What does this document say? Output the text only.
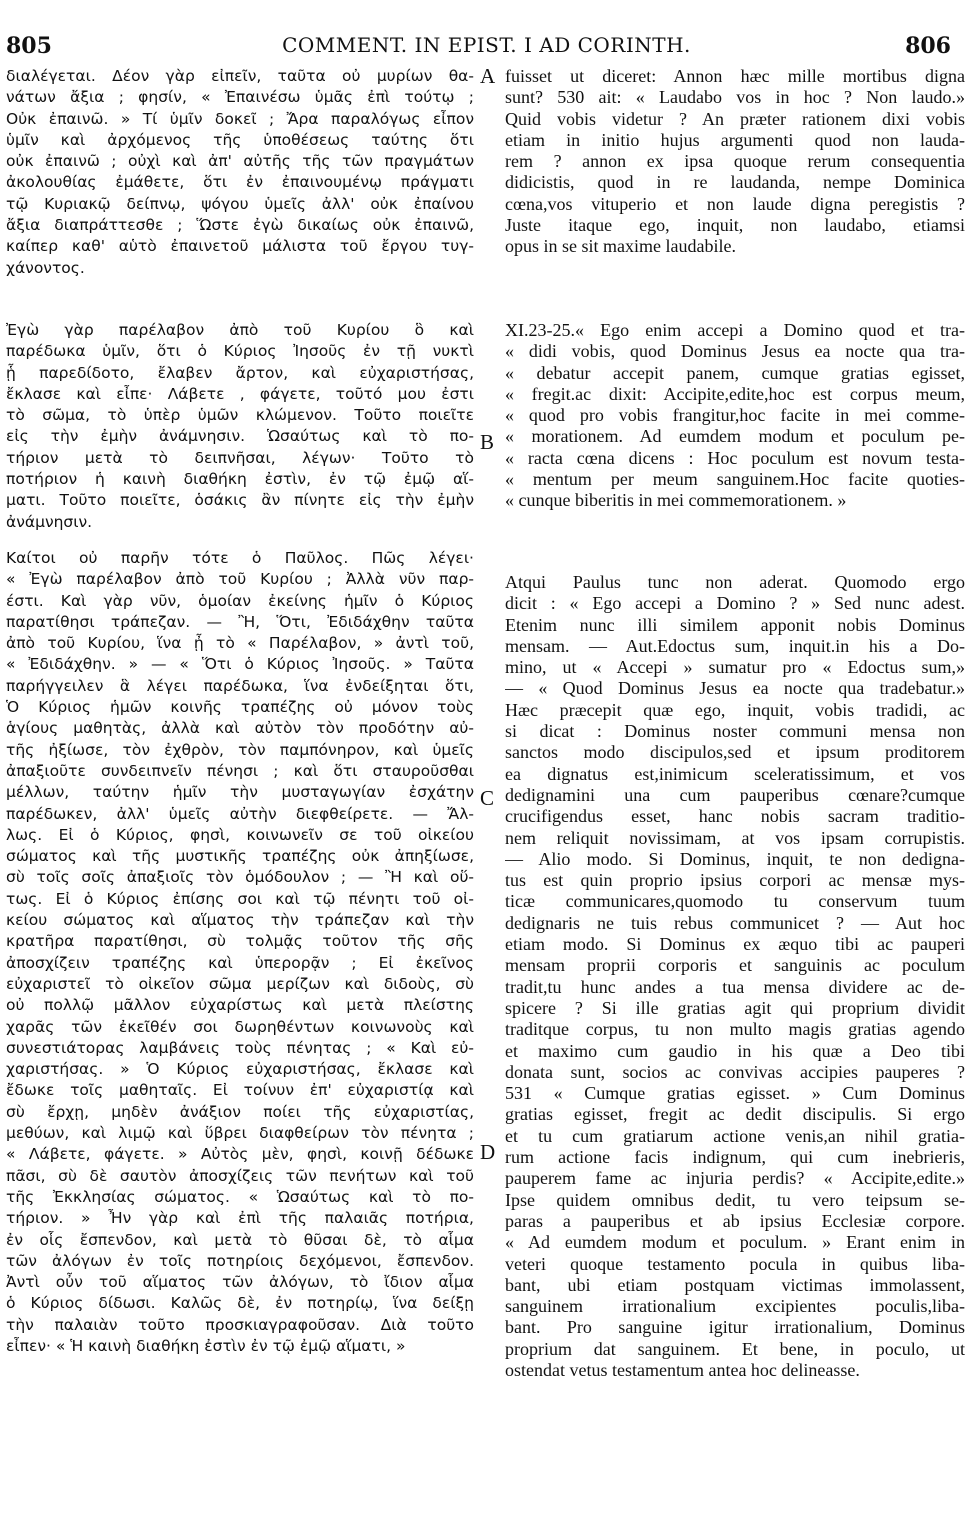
805	COMMENT. IN EPIST. I AD CORINTH.	806
διαλέγεται. Δέον γὰρ εἰπεῖν, ταῦτα οὐ μυρίων θα-
νάτων ἄξια ; φησίν, « Ἐπαινέσω ὑμᾶς ἐπὶ τούτῳ ;
Οὐκ ἐπαινῶ. » Τί ὑμῖν δοκεῖ ; Ἄρα παραλόγως εἶπον
ὑμῖν καὶ ἀρχόμενος τῆς ὑποθέσεως ταύτης ὅτι
οὐκ ἐπαινῶ ; οὐχὶ καὶ ἀπ' αὐτῆς τῆς τῶν πραγμάτων
ἀκολουθίας ἐμάθετε, ὅτι ἐν ἐπαινουμένῳ πράγματι
τῷ Κυριακῷ δείπνῳ, ψόγου ὑμεῖς ἀλλ' οὐκ ἐπαίνου
ἄξια διαπράττεσθε ; Ὥστε ἐγὼ δικαίως οὐκ ἐπαινῶ,
καίπερ καθ' αὑτὸ ἐπαινετοῦ μάλιστα τοῦ ἔργου τυγ-
χάνοντος.
Ἐγὼ γὰρ παρέλαβον ἀπὸ τοῦ Κυρίου ὃ καὶ
παρέδωκα ὑμῖν, ὅτι ὁ Κύριος Ἰησοῦς ἐν τῇ νυκτὶ
ᾗ παρεδίδοτο, ἔλαβεν ἄρτον, καὶ εὐχαριστήσας,
ἔκλασε καὶ εἶπε· Λάβετε , φάγετε, τοῦτό μου ἐστι
τὸ σῶμα, τὸ ὑπὲρ ὑμῶν κλώμενον. Τοῦτο ποιεῖτε
εἰς τὴν ἐμὴν ἀνάμνησιν. Ὡσαύτως καὶ τὸ πο-
τήριον μετὰ τὸ δειπνῆσαι, λέγων· Τοῦτο τὸ
ποτήριον ἡ καινὴ διαθήκη ἐστὶν, ἐν τῷ ἐμῷ αἵ-
ματι. Τοῦτο ποιεῖτε, ὁσάκις ἂν πίνητε εἰς τὴν ἐμὴν
ἀνάμνησιν.
Καίτοι οὐ παρῆν τότε ὁ Παῦλος. Πῶς λέγει·
« Ἐγὼ παρέλαβον ἀπὸ τοῦ Κυρίου ; Ἀλλὰ νῦν παρ-
έστι. Καὶ γὰρ νῦν, ὁμοίαν ἐκείνης ἡμῖν ὁ Κύριος
παρατίθησι τράπεζαν. — Ἢ, Ὅτι, Ἐδιδάχθην ταῦτα
ἀπὸ τοῦ Κυρίου, ἵνα ᾖ τὸ « Παρέλαβον, » ἀντὶ τοῦ,
« Ἐδιδάχθην. » — « Ὅτι ὁ Κύριος Ἰησοῦς. » Ταῦτα
παρήγγειλεν ἃ λέγει παρέδωκα, ἵνα ἐνδείξηται ὅτι,
Ὁ Κύριος ἡμῶν κοινῆς τραπέζης οὐ μόνον τοὺς
ἁγίους μαθητὰς, ἀλλὰ καὶ αὐτὸν τὸν προδότην αὐ-
τῆς ἠξίωσε, τὸν ἐχθρὸν, τὸν παμπόνηρον, καὶ ὑμεῖς
ἀπαξιοῦτε συνδειπνεῖν πένησι ; καὶ ὅτι σταυροῦσθαι
μέλλων, ταύτην ἡμῖν τὴν μυσταγωγίαν ἐσχάτην
παρέδωκεν, ἀλλ' ὑμεῖς αὐτὴν διεφθείρετε. — Ἄλ-
λως. Εἰ ὁ Κύριος, φησὶ, κοινωνεῖν σε τοῦ οἰκείου
σώματος καὶ τῆς μυστικῆς τραπέζης οὐκ ἀπηξίωσε,
σὺ τοῖς σοῖς ἀπαξιοῖς τὸν ὁμόδουλον ; — Ἢ καὶ οὕ-
τως. Εἰ ὁ Κύριος ἐπίσης σοι καὶ τῷ πένητι τοῦ οἰ-
κείου σώματος καὶ αἵματος τὴν τράπεζαν καὶ τὴν
κρατῆρα παρατίθησι, σὺ τολμᾷς τοῦτον τῆς σῆς
ἀποσχίζειν τραπέζης καὶ ὑπερορᾷν ; Εἰ ἐκεῖνος
εὐχαριστεῖ τὸ οἰκεῖον σῶμα μερίζων καὶ διδοὺς, σὺ
οὐ πολλῷ μᾶλλον εὐχαρίστως καὶ μετὰ πλείστης
χαρᾶς τῶν ἐκεῖθέν σοι δωρηθέντων κοινωνοὺς καὶ
συνεστιάτορας λαμβάνεις τοὺς πένητας ; « Καὶ εὐ-
χαριστήσας. » Ὁ Κύριος εὐχαριστήσας, ἔκλασε καὶ
ἔδωκε τοῖς μαθηταῖς. Εἰ τοίνυν ἐπ' εὐχαριστίᾳ καὶ
σὺ ἔρχῃ, μηδὲν ἀνάξιον ποίει τῆς εὐχαριστίας,
μεθύων, καὶ λιμῷ καὶ ὕβρει διαφθείρων τὸν πένητα ;
« Λάβετε, φάγετε. » Αὐτὸς μὲν, φησὶ, κοινῇ δέδωκε
πᾶσι, σὺ δὲ σαυτὸν ἀποσχίζεις τῶν πενήτων καὶ τοῦ
τῆς Ἐκκλησίας σώματος. « Ὡσαύτως καὶ τὸ πο-
τήριον. » Ἦν γὰρ καὶ ἐπὶ τῆς παλαιᾶς ποτήρια,
ἐν οἷς ἔσπενδον, καὶ μετὰ τὸ θῦσαι δὲ, τὸ αἷμα
τῶν ἀλόγων ἐν τοῖς ποτηρίοις δεχόμενοι, ἔσπενδον.
Ἀντὶ οὖν τοῦ αἵματος τῶν ἀλόγων, τὸ ἴδιον αἷμα
ὁ Κύριος δίδωσι. Καλῶς δὲ, ἐν ποτηρίῳ, ἵνα δείξῃ
τὴν παλαιὰν τοῦτο προσκιαγραφοῦσαν. Διὰ τοῦτο
εἶπεν· « Ἡ καινὴ διαθήκη ἐστὶν ἐν τῷ ἐμῷ αἵματι, »
fuisset ut diceret: Annon hæc mille mortibus digna
sunt? 530 ait: « Laudabo vos in hoc ? Non laudo.»
Quid vobis videtur ? An præter rationem dixi vobis
etiam in initio hujus argumenti quod non lauda-
rem ? annon ex ipsa quoque rerum consequentia
didicistis, quod in re laudanda, nempe Dominica
cœna,vos vituperio et non laude digna peregistis ?
Juste itaque ego, inquit, non laudabo, etiamsi
opus in se sit maxime laudabile.
XI.23-25.« Ego enim accepi a Domino quod et tra-
« didi vobis, quod Dominus Jesus ea nocte qua tra-
« debatur accepit panem, cumque gratias egisset,
« fregit.ac dixit: Accipite,edite,hoc est corpus meum,
« quod pro vobis frangitur,hoc facite in mei comme-
« morationem. Ad eumdem modum et poculum pe-
« racta cœna dicens : Hoc poculum est novum testa-
« mentum per meum sanguinem.Hoc facite quoties-
« cunque biberitis in mei commemorationem. »
Atqui Paulus tunc non aderat. Quomodo ergo
dicit : « Ego accepi a Domino ? » Sed nunc adest.
Etenim nunc illi similem apponit nobis Dominus
mensam. — Aut.Edoctus sum, inquit.in his a Do-
mino, ut « Accepi » sumatur pro « Edoctus sum,»
— « Quod Dominus Jesus ea nocte qua tradebatur.»
Hæc præcepit quæ ego, inquit, vobis tradidi, ac
si dicat : Dominus noster communi mensa non
sanctos modo discipulos,sed et ipsum proditorem
ea dignatus est,inimicum sceleratissimum, et vos
dedignamini una cum pauperibus cœnare?cumque
crucifigendus esset, hanc nobis sacram traditio-
nem reliquit novissimam, at vos ipsam corrupistis.
— Alio modo. Si Dominus, inquit, te non dedigna-
tus est quin proprio ipsius corpori ac mensæ mys-
ticæ communicares,quomodo tu conservum tuum
dedignaris ne tuis rebus communicet ? — Aut hoc
etiam modo. Si Dominus ex æquo tibi ac pauperi
mensam proprii corporis et sanguinis ac poculum
tradit,tu hunc andes a tua mensa dividere ac de-
spicere ? Si ille gratias agit qui proprium dividit
traditque corpus, tu non multo magis gratias agendo
et maximo cum gaudio in his quæ a Deo tibi
donata sunt, socios ac convivas accipies pauperes ?
531 « Cumque gratias egisset. » Cum Dominus
gratias egisset, fregit ac dedit discipulis. Si ergo
et tu cum gratiarum actione venis,an nihil gratia-
rum actione facis indignum, qui cum inebrieris,
pauperem fame ac injuria perdis? « Accipite,edite.»
Ipse quidem omnibus dedit, tu vero teipsum se-
paras a pauperibus et ab ipsius Ecclesiæ corpore.
« Ad eumdem modum et poculum. » Erant enim in
veteri quoque testamento pocula in quibus liba-
bant, ubi etiam postquam victimas immolassent,
sanguinem irrationalium excipientes poculis,liba-
bant. Pro sanguine igitur irrationalium, Dominus
proprium dat sanguinem. Et bene, in poculo, ut
ostendat vetus testamentum antea hoc delineasse.
A
B
C
D
